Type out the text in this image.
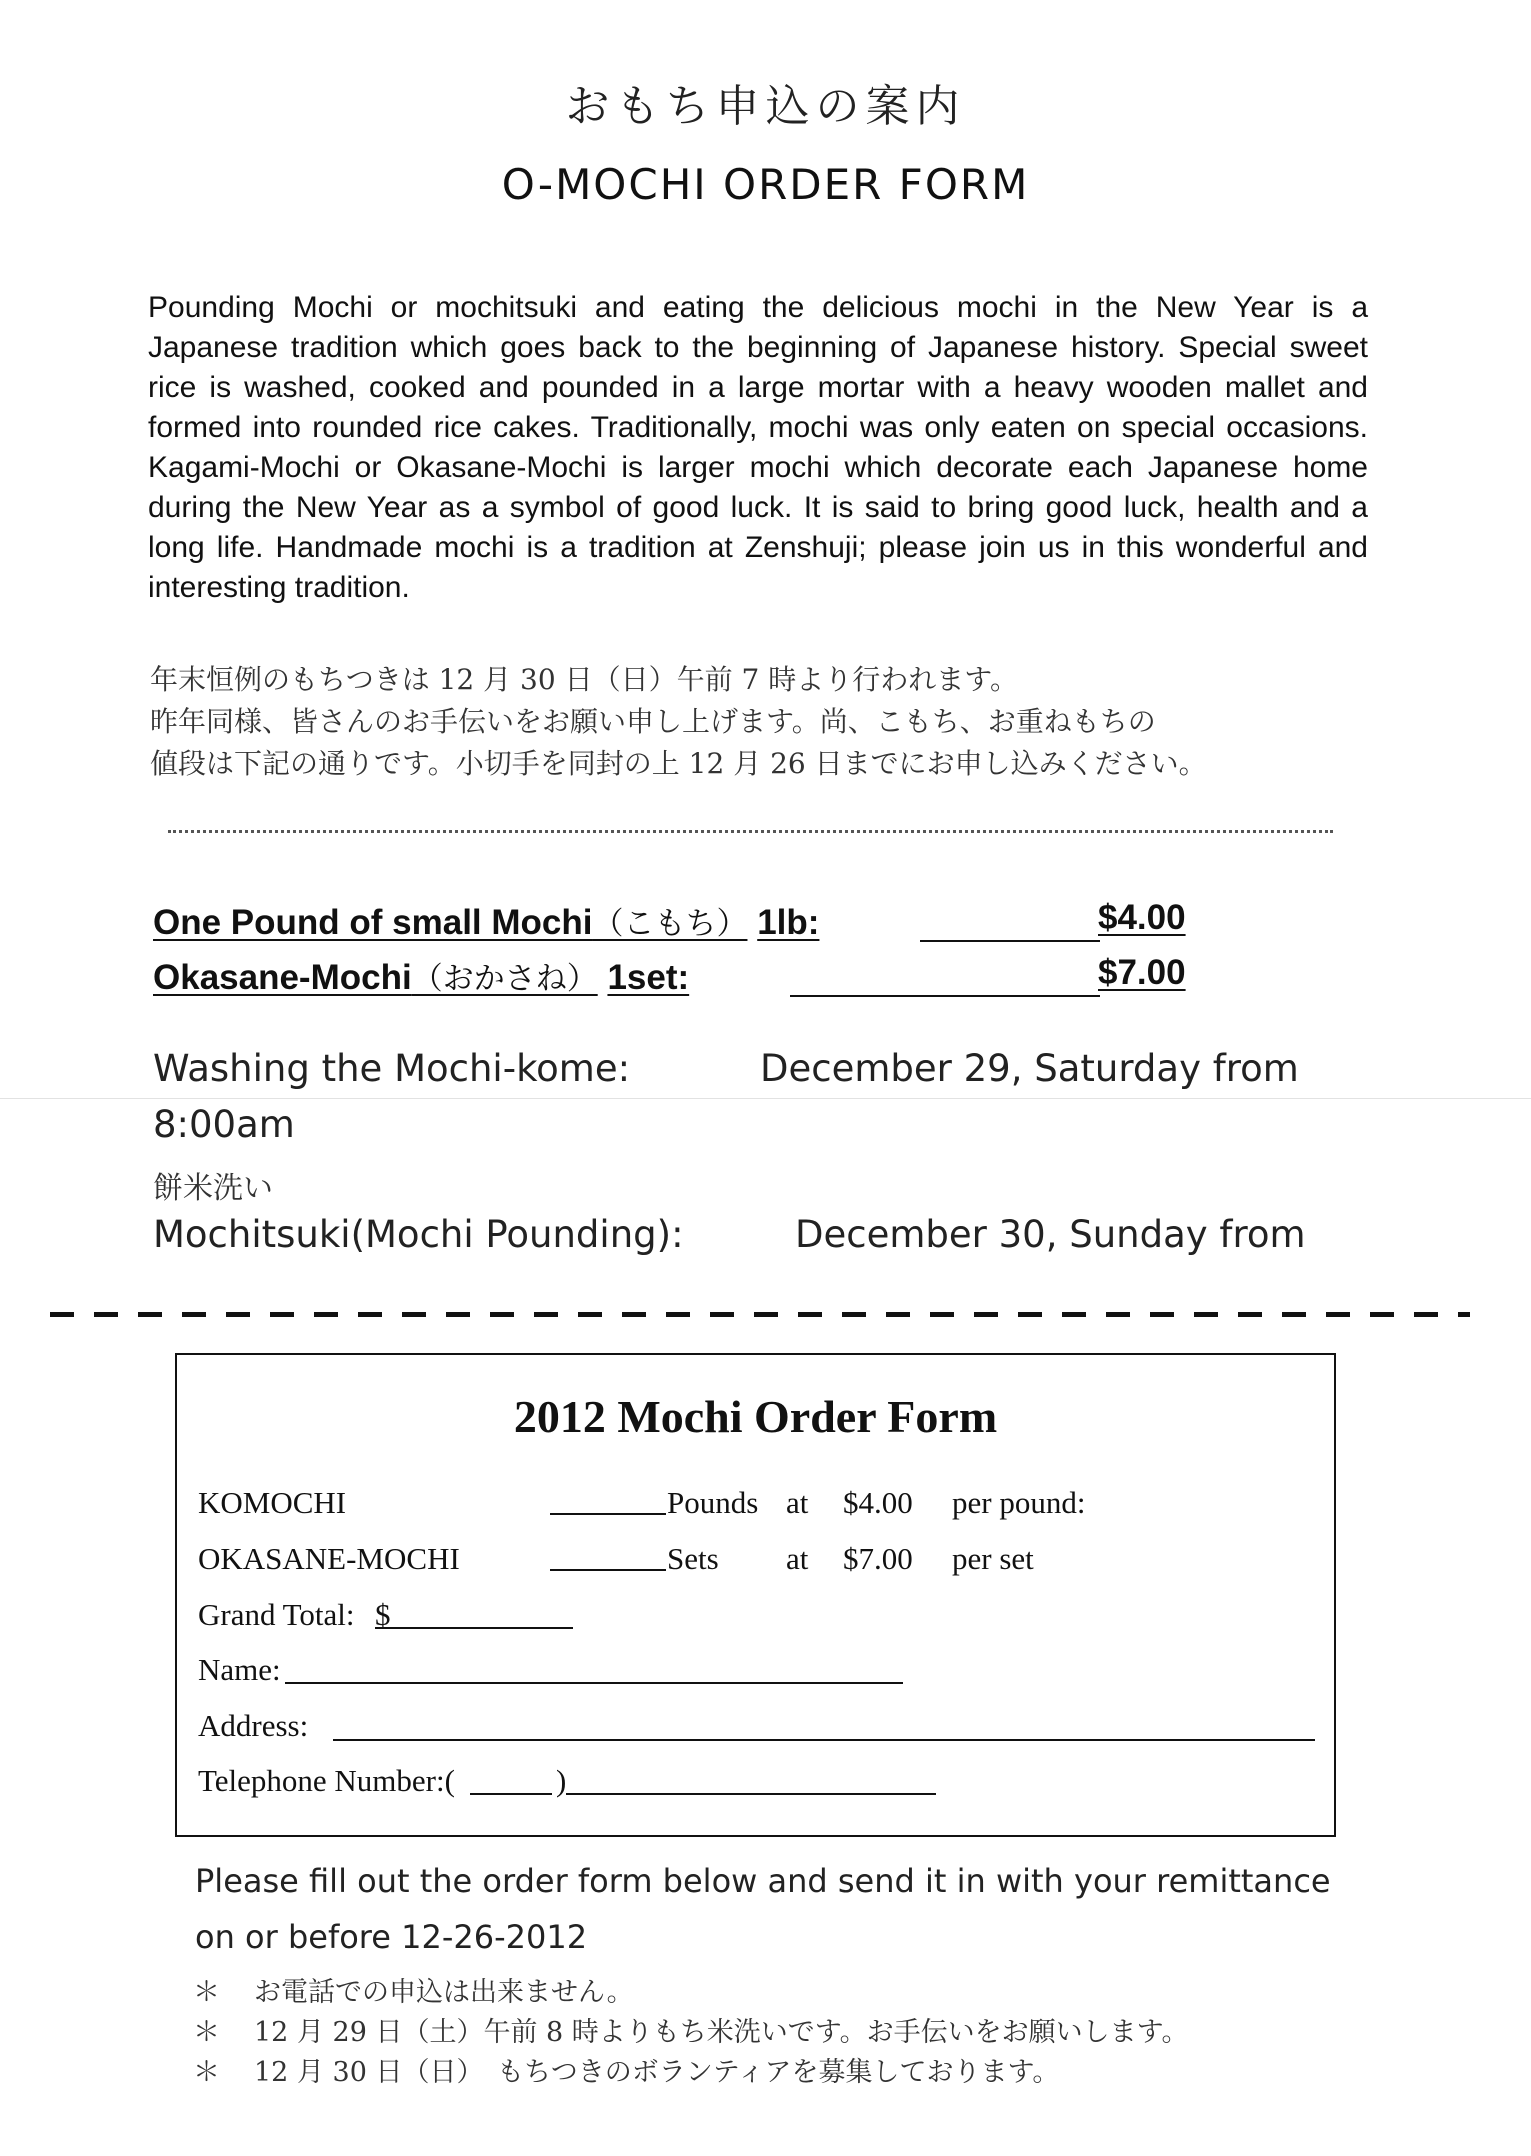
おもち申込の案内
O-MOCHI ORDER FORM
Pounding Mochi or mochitsuki and eating the delicious mochi in the New Year is a Japanese tradition which goes back to the beginning of Japanese history. Special sweet rice is washed, cooked and pounded in a large mortar with a heavy wooden mallet and formed into rounded rice cakes. Traditionally, mochi was only eaten on special occasions. Kagami-Mochi or Okasane-Mochi is larger mochi which decorate each Japanese home during the New Year as a symbol of good luck. It is said to bring good luck, health and a long life. Handmade mochi is a tradition at Zenshuji; please join us in this wonderful and interesting tradition.
年末恒例のもちつきは 12 月 30 日（日）午前 7 時より行われます。
昨年同様、皆さんのお手伝いをお願い申し上げます。尚、こもち、お重ねもちの
値段は下記の通りです。小切手を同封の上 12 月 26 日までにお申し込みください。
One Pound of small Mochi（こもち） 1lb:	$4.00
Okasane-Mochi（おかさね） 1set:	$7.00
Washing the Mochi-kome:	December 29, Saturday from
8:00am
餅米洗い
Mochitsuki(Mochi Pounding):	December 30, Sunday from
2012 Mochi Order Form
KOMOCHI	Pounds at $4.00 per pound:
OKASANE-MOCHI	Sets at $7.00 per set
Grand Total: $
Name:
Address:
Telephone Number:(	)
Please fill out the order form below and send it in with your remittance
on or before 12-26-2012
＊ お電話での申込は出来ません。
＊ 12 月 29 日（土）午前 8 時よりもち米洗いです。お手伝いをお願いします。
＊ 12 月 30 日（日）　もちつきのボランティアを募集しております。
